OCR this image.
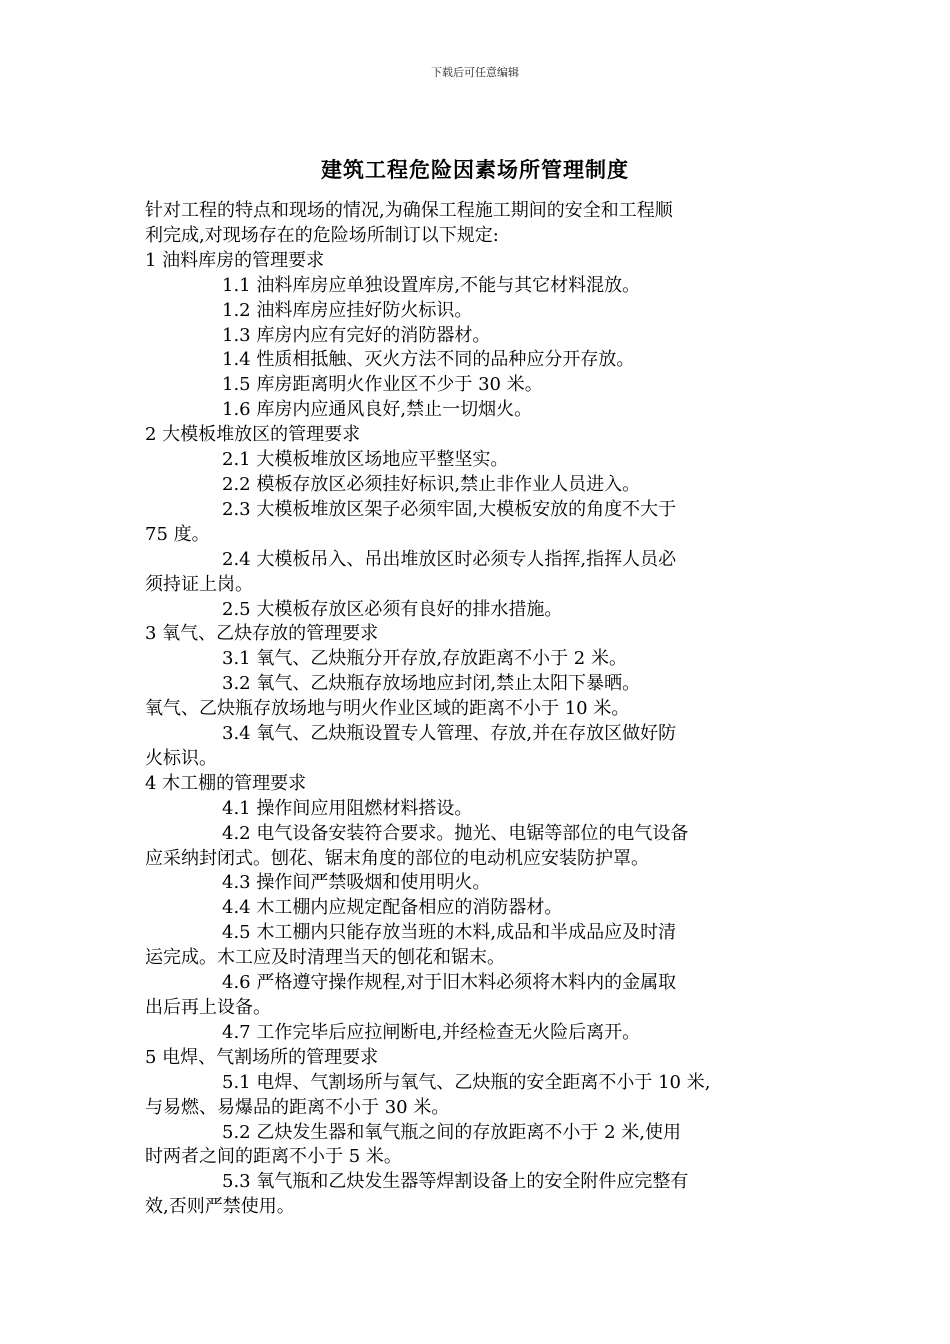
下载后可任意编辑
建筑工程危险因素场所管理制度

针对工程的特点和现场的情况,为确保工程施工期间的安全和工程顺

利完成,对现场存在的危险场所制订以下规定:

1 油料库房的管理要求

1.1 油料库房应单独设置库房,不能与其它材料混放。

1.2 油料库房应挂好防火标识。

1.3 库房内应有完好的消防器材。

1.4 性质相抵触、灭火方法不同的品种应分开存放。

1.5 库房距离明火作业区不少于 30 米。

1.6 库房内应通风良好,禁止一切烟火。

2 大模板堆放区的管理要求

2.1 大模板堆放区场地应平整坚实。

2.2 模板存放区必须挂好标识,禁止非作业人员进入。

2.3 大模板堆放区架子必须牢固,大模板安放的角度不大于

75 度。

2.4 大模板吊入、吊出堆放区时必须专人指挥,指挥人员必

须持证上岗。

2.5 大模板存放区必须有良好的排水措施。

3 氧气、乙炔存放的管理要求

3.1 氧气、乙炔瓶分开存放,存放距离不小于 2 米。

3.2 氧气、乙炔瓶存放场地应封闭,禁止太阳下暴晒。

氧气、乙炔瓶存放场地与明火作业区域的距离不小于 10 米。

3.4 氧气、乙炔瓶设置专人管理、存放,并在存放区做好防

火标识。

4 木工棚的管理要求

4.1 操作间应用阻燃材料搭设。

4.2 电气设备安装符合要求。抛光、电锯等部位的电气设备

应采纳封闭式。刨花、锯末角度的部位的电动机应安装防护罩。

4.3 操作间严禁吸烟和使用明火。

4.4 木工棚内应规定配备相应的消防器材。

4.5 木工棚内只能存放当班的木料,成品和半成品应及时清

运完成。木工应及时清理当天的刨花和锯末。

4.6 严格遵守操作规程,对于旧木料必须将木料内的金属取

出后再上设备。

4.7 工作完毕后应拉闸断电,并经检查无火险后离开。

5 电焊、气割场所的管理要求

5.1 电焊、气割场所与氧气、乙炔瓶的安全距离不小于 10 米,

与易燃、易爆品的距离不小于 30 米。

5.2 乙炔发生器和氧气瓶之间的存放距离不小于 2 米,使用

时两者之间的距离不小于 5 米。

5.3 氧气瓶和乙炔发生器等焊割设备上的安全附件应完整有

效,否则严禁使用。
